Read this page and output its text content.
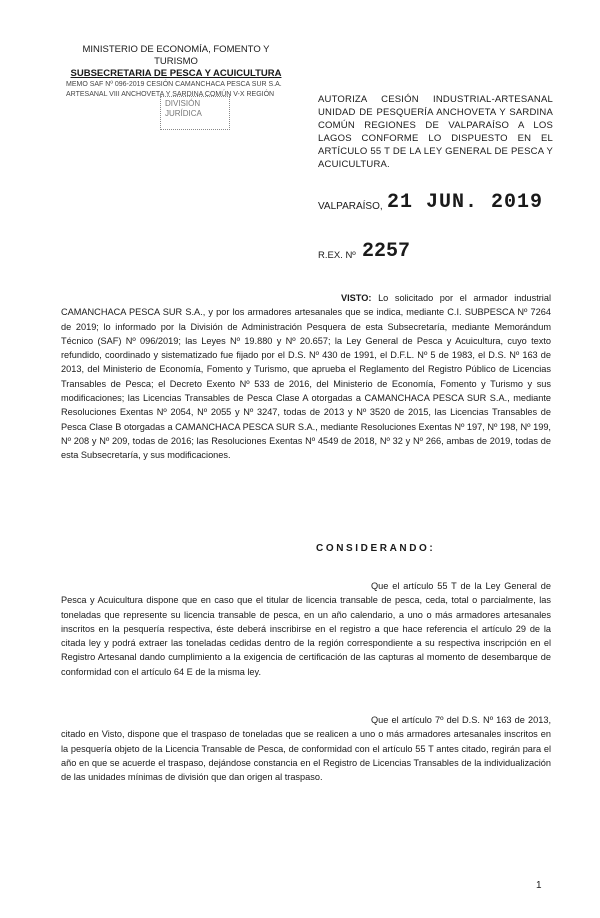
MINISTERIO DE ECONOMÍA, FOMENTO Y TURISMO
SUBSECRETARIA DE PESCA Y ACUICULTURA
MEMO SAF Nº 096-2019 CESIÓN CAMANCHACA PESCA SUR S.A.
ARTESANAL VIII ANCHOVETA Y SARDINA COMÚN V-X REGIÓN
DIVISIÓN JURÍDICA
AUTORIZA CESIÓN INDUSTRIAL-ARTESANAL UNIDAD DE PESQUERÍA ANCHOVETA Y SARDINA COMÚN REGIONES DE VALPARAÍSO A LOS LAGOS CONFORME LO DISPUESTO EN EL ARTÍCULO 55 T DE LA LEY GENERAL DE PESCA Y ACUICULTURA.
VALPARAÍSO, 21 JUN. 2019
R.EX. Nº 2257
VISTO: Lo solicitado por el armador industrial CAMANCHACA PESCA SUR S.A., y por los armadores artesanales que se indica, mediante C.I. SUBPESCA Nº 7264 de 2019; lo informado por la División de Administración Pesquera de esta Subsecretaría, mediante Memorándum Técnico (SAF) Nº 096/2019; las Leyes Nº 19.880 y Nº 20.657; la Ley General de Pesca y Acuicultura, cuyo texto refundido, coordinado y sistematizado fue fijado por el D.S. Nº 430 de 1991, el D.F.L. Nº 5 de 1983, el D.S. Nº 163 de 2013, del Ministerio de Economía, Fomento y Turismo, que aprueba el Reglamento del Registro Público de Licencias Transables de Pesca; el Decreto Exento Nº 533 de 2016, del Ministerio de Economía, Fomento y Turismo y sus modificaciones; las Licencias Transables de Pesca Clase A otorgadas a CAMANCHACA PESCA SUR S.A., mediante Resoluciones Exentas Nº 2054, Nº 2055 y Nº 3247, todas de 2013 y Nº 3520 de 2015, las Licencias Transables de Pesca Clase B otorgadas a CAMANCHACA PESCA SUR S.A., mediante Resoluciones Exentas Nº 197, Nº 198, Nº 199, Nº 208 y Nº 209, todas de 2016; las Resoluciones Exentas Nº 4549 de 2018, Nº 32 y Nº 266, ambas de 2019, todas de esta Subsecretaría, y sus modificaciones.
CONSIDERANDO:
Que el artículo 55 T de la Ley General de Pesca y Acuicultura dispone que en caso que el titular de licencia transable de pesca, ceda, total o parcialmente, las toneladas que represente su licencia transable de pesca, en un año calendario, a uno o más armadores artesanales inscritos en la pesquería respectiva, éste deberá inscribirse en el registro a que hace referencia el artículo 29 de la citada ley y podrá extraer las toneladas cedidas dentro de la región correspondiente a su respectiva inscripción en el Registro Artesanal dando cumplimiento a la exigencia de certificación de las capturas al momento de desembarque de conformidad con el artículo 64 E de la misma ley.
Que el artículo 7º del D.S. Nº 163 de 2013, citado en Visto, dispone que el traspaso de toneladas que se realicen a uno o más armadores artesanales inscritos en la pesquería objeto de la Licencia Transable de Pesca, de conformidad con el artículo 55 T antes citado, regirán para el año en que se acuerde el traspaso, dejándose constancia en el Registro de Licencias Transables de la individualización de las unidades mínimas de división que dan origen al traspaso.
1
